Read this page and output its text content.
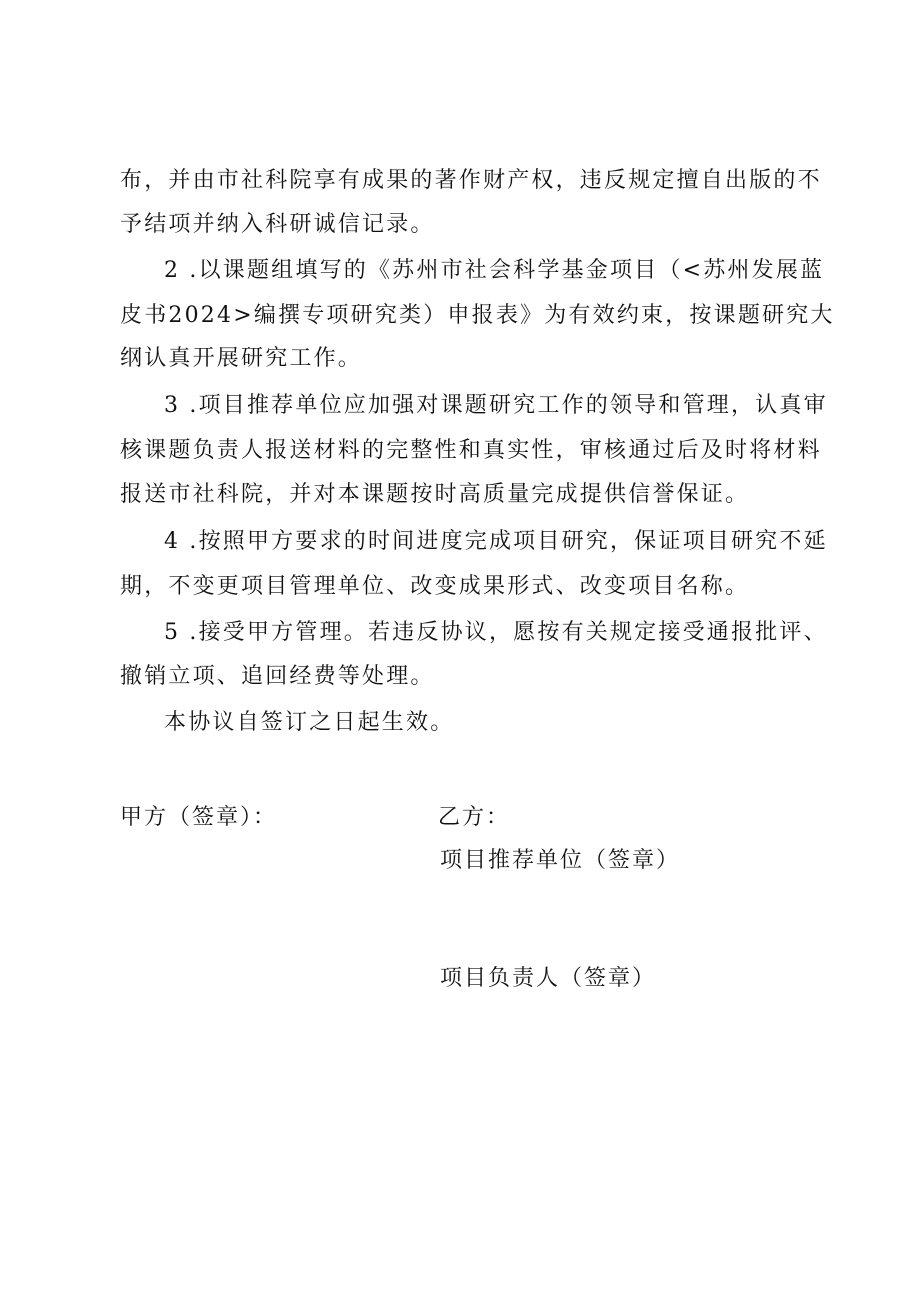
布，并由市社科院享有成果的著作财产权，违反规定擅自出版的不
予结项并纳入科研诚信记录。
2 .以课题组填写的《苏州市社会科学基金项目（<苏州发展蓝
皮书2024>编撰专项研究类）申报表》为有效约束，按课题研究大
纲认真开展研究工作。
3 .项目推荐单位应加强对课题研究工作的领导和管理，认真审
核课题负责人报送材料的完整性和真实性，审核通过后及时将材料
报送市社科院，并对本课题按时高质量完成提供信誉保证。
4 .按照甲方要求的时间进度完成项目研究，保证项目研究不延
期，不变更项目管理单位、改变成果形式、改变项目名称。
5 .接受甲方管理。若违反协议，愿按有关规定接受通报批评、
撤销立项、追回经费等处理。
本协议自签订之日起生效。
甲方（签章）：	乙方：
项目推荐单位（签章）
项目负责人（签章）
